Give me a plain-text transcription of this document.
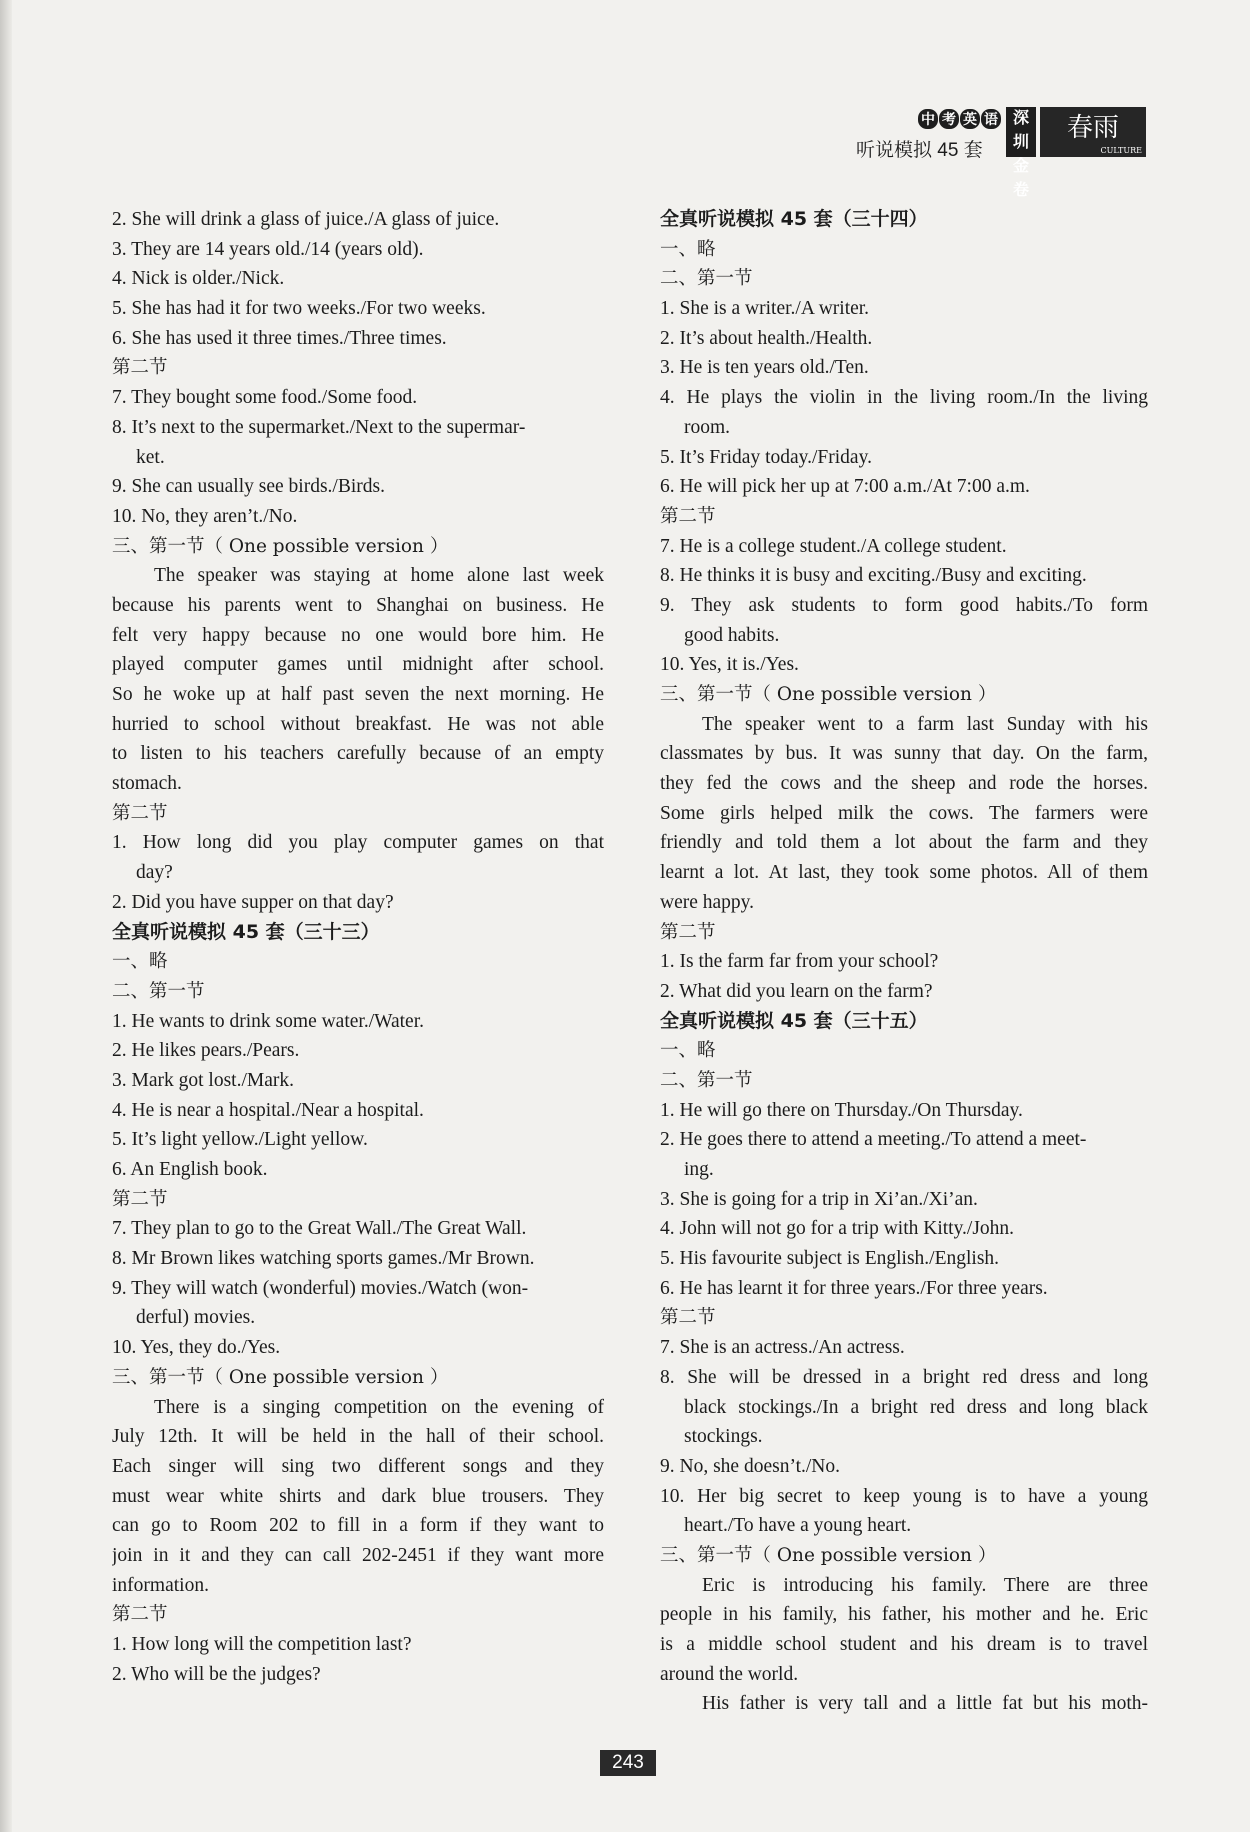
中 考 英 语
听说模拟 45 套
深圳
金卷
春雨
CULTURE
2. She will drink a glass of juice./A glass of juice.
3. They are 14 years old./14 (years old).
4. Nick is older./Nick.
5. She has had it for two weeks./For two weeks.
6. She has used it three times./Three times.
第二节
7. They bought some food./Some food.
8. It’s next to the supermarket./Next to the supermar-
ket.
9. She can usually see birds./Birds.
10. No, they aren’t./No.
三、第一节（ One possible version ）
The speaker was staying at home alone last week
because his parents went to Shanghai on business. He
felt very happy because no one would bore him. He
played computer games until midnight after school.
So he woke up at half past seven the next morning. He
hurried to school without breakfast. He was not able
to listen to his teachers carefully because of an empty
stomach.
第二节
1. How long did you play computer games on that
day?
2. Did you have supper on that day?
全真听说模拟 45 套（三十三）
一、略
二、第一节
1. He wants to drink some water./Water.
2. He likes pears./Pears.
3. Mark got lost./Mark.
4. He is near a hospital./Near a hospital.
5. It’s light yellow./Light yellow.
6. An English book.
第二节
7. They plan to go to the Great Wall./The Great Wall.
8. Mr Brown likes watching sports games./Mr Brown.
9. They will watch (wonderful) movies./Watch (won-
derful) movies.
10. Yes, they do./Yes.
三、第一节（ One possible version ）
There is a singing competition on the evening of
July 12th. It will be held in the hall of their school.
Each singer will sing two different songs and they
must wear white shirts and dark blue trousers. They
can go to Room 202 to fill in a form if they want to
join in it and they can call 202-2451 if they want more
information.
第二节
1. How long will the competition last?
2. Who will be the judges?
全真听说模拟 45 套（三十四）
一、略
二、第一节
1. She is a writer./A writer.
2. It’s about health./Health.
3. He is ten years old./Ten.
4. He plays the violin in the living room./In the living
room.
5. It’s Friday today./Friday.
6. He will pick her up at 7:00 a.m./At 7:00 a.m.
第二节
7. He is a college student./A college student.
8. He thinks it is busy and exciting./Busy and exciting.
9. They ask students to form good habits./To form
good habits.
10. Yes, it is./Yes.
三、第一节（ One possible version ）
The speaker went to a farm last Sunday with his
classmates by bus. It was sunny that day. On the farm,
they fed the cows and the sheep and rode the horses.
Some girls helped milk the cows. The farmers were
friendly and told them a lot about the farm and they
learnt a lot. At last, they took some photos. All of them
were happy.
第二节
1. Is the farm far from your school?
2. What did you learn on the farm?
全真听说模拟 45 套（三十五）
一、略
二、第一节
1. He will go there on Thursday./On Thursday.
2. He goes there to attend a meeting./To attend a meet-
ing.
3. She is going for a trip in Xi’an./Xi’an.
4. John will not go for a trip with Kitty./John.
5. His favourite subject is English./English.
6. He has learnt it for three years./For three years.
第二节
7. She is an actress./An actress.
8. She will be dressed in a bright red dress and long
black stockings./In a bright red dress and long black
stockings.
9. No, she doesn’t./No.
10. Her big secret to keep young is to have a young
heart./To have a young heart.
三、第一节（ One possible version ）
Eric is introducing his family. There are three
people in his family, his father, his mother and he. Eric
is a middle school student and his dream is to travel
around the world.
His father is very tall and a little fat but his moth-
243
